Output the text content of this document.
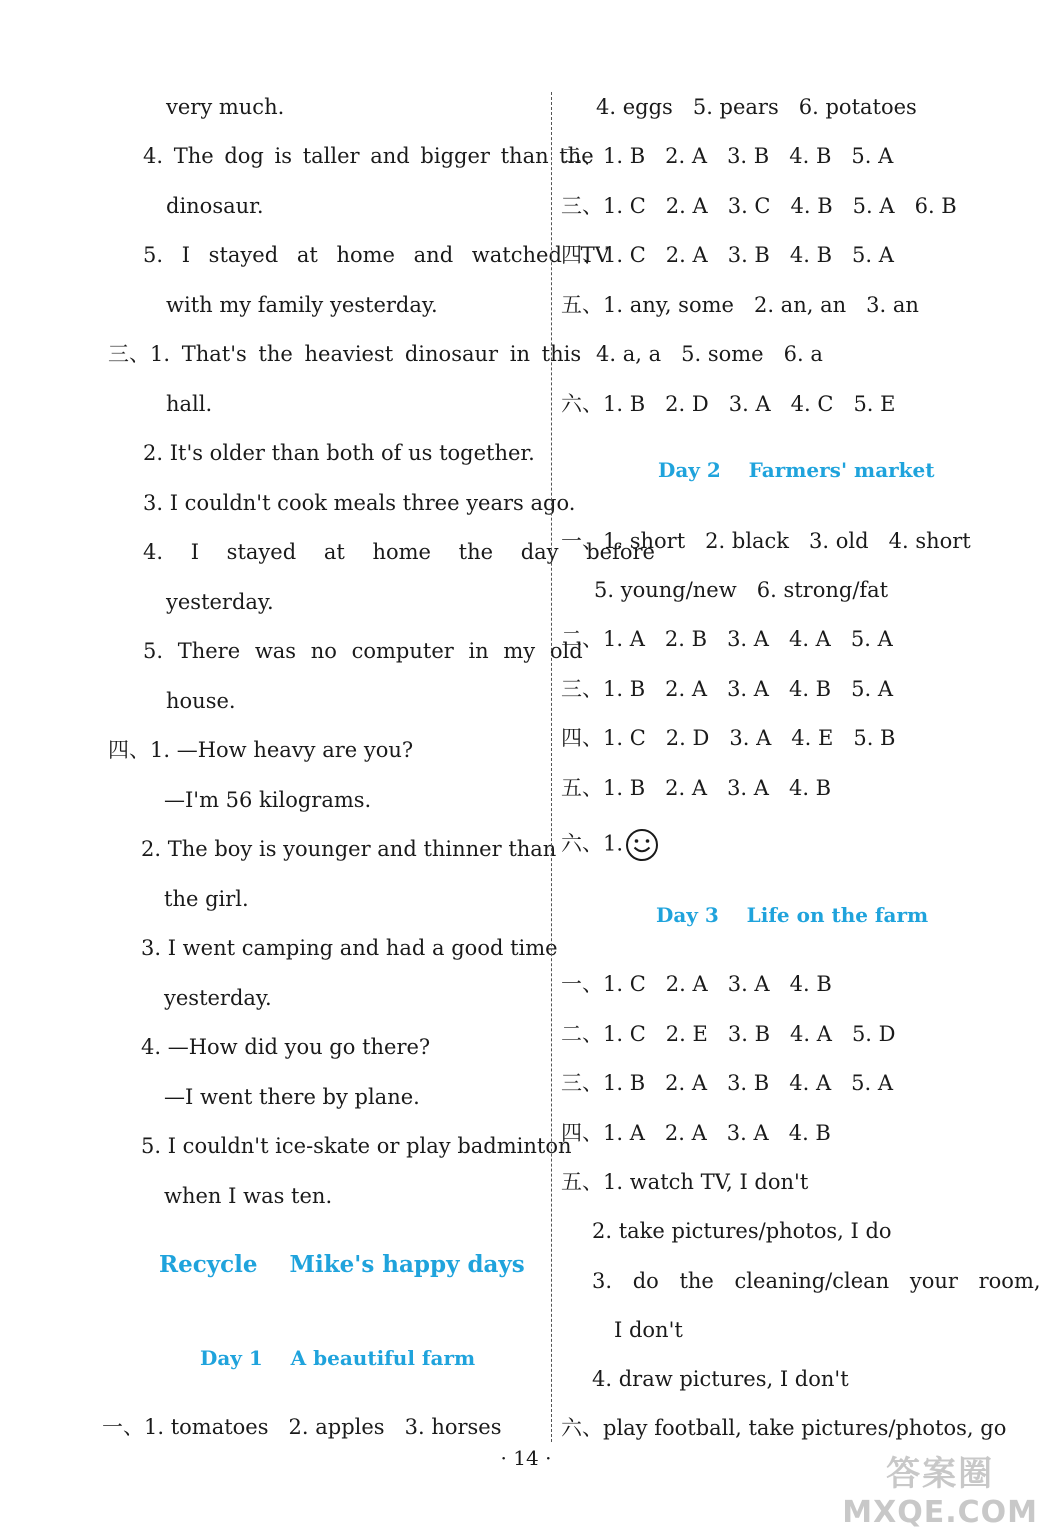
very much.
4. The dog is taller and bigger than the
dinosaur.
5. I stayed at home and watched TV
with my family yesterday.
三、1. That's the heaviest dinosaur in this
hall.
2. It's older than both of us together.
3. I couldn't cook meals three years ago.
4. I stayed at home the day before
yesterday.
5. There was no computer in my old
house.
四、1. —How heavy are you?
—I'm 56 kilograms.
2. The boy is younger and thinner than
the girl.
3. I went camping and had a good time
yesterday.
4. —How did you go there?
—I went there by plane.
5. I couldn't ice-skate or play badminton
when I was ten.
Recycle    Mike's happy days
Day 1    A beautiful farm
一、1. tomatoes   2. apples   3. horses
4. eggs   5. pears   6. potatoes
二、1. B   2. A   3. B   4. B   5. A
三、1. C   2. A   3. C   4. B   5. A   6. B
四、1. C   2. A   3. B   4. B   5. A
五、1. any, some   2. an, an   3. an
4. a, a   5. some   6. a
六、1. B   2. D   3. A   4. C   5. E
Day 2    Farmers' market
一、1. short   2. black   3. old   4. short
5. young/new   6. strong/fat
二、1. A   2. B   3. A   4. A   5. A
三、1. B   2. A   3. A   4. B   5. A
四、1. C   2. D   3. A   4. E   5. B
五、1. B   2. A   3. A   4. B
六、1.
Day 3    Life on the farm
一、1. C   2. A   3. A   4. B
二、1. C   2. E   3. B   4. A   5. D
三、1. B   2. A   3. B   4. A   5. A
四、1. A   2. A   3. A   4. B
五、1. watch TV, I don't
2. take pictures/photos, I do
3. do the cleaning/clean your room,
I don't
4. draw pictures, I don't
六、play football, take pictures/photos, go
· 14 ·	答案圈
MXQE.COM
